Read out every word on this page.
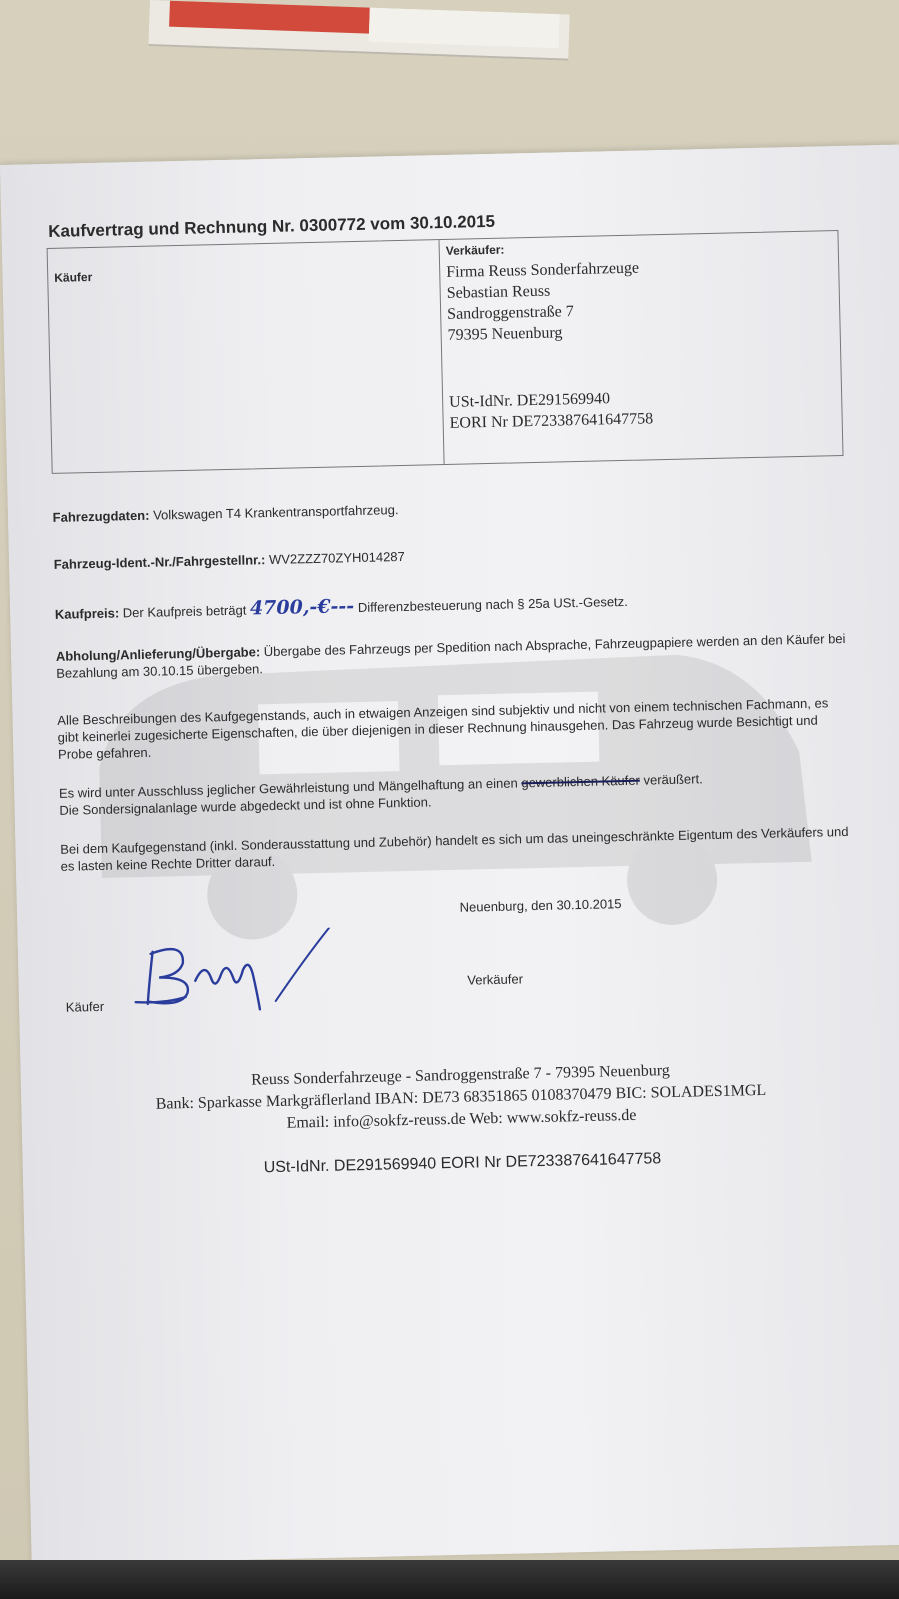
Kaufvertrag und Rechnung Nr. 0300772 vom 30.10.2015
Käufer
Verkäufer:
Firma Reuss Sonderfahrzeuge
Sebastian Reuss
Sandroggenstraße 7
79395 Neuenburg
USt-IdNr. DE291569940
EORI Nr DE723387641647758
Fahrezugdaten: Volkswagen T4 Krankentransportfahrzeug.
Fahrzeug-Ident.-Nr./Fahrgestellnr.: WV2ZZZ70ZYH014287
Kaufpreis: Der Kaufpreis beträgt 4700,-€--- Differenzbesteuerung nach § 25a USt.-Gesetz.
Abholung/Anlieferung/Übergabe: Übergabe des Fahrzeugs per Spedition nach Absprache, Fahrzeugpapiere werden an den Käufer bei Bezahlung am 30.10.15 übergeben.
Alle Beschreibungen des Kaufgegenstands, auch in etwaigen Anzeigen sind subjektiv und nicht von einem technischen Fachmann, es gibt keinerlei zugesicherte Eigenschaften, die über diejenigen in dieser Rechnung hinausgehen. Das Fahrzeug wurde Besichtigt und Probe gefahren.
Es wird unter Ausschluss jeglicher Gewährleistung und Mängelhaftung an einen gewerblichen Käufer veräußert.
Die Sondersignalanlage wurde abgedeckt und ist ohne Funktion.
Bei dem Kaufgegenstand (inkl. Sonderausstattung und Zubehör) handelt es sich um das uneingeschränkte Eigentum des Verkäufers und es lasten keine Rechte Dritter darauf.
Neuenburg, den 30.10.2015
Käufer
Verkäufer
Reuss Sonderfahrzeuge - Sandroggenstraße 7 - 79395 Neuenburg
Bank: Sparkasse Markgräflerland IBAN: DE73 68351865 0108370479 BIC: SOLADES1MGL
Email: info@sokfz-reuss.de Web: www.sokfz-reuss.de
USt-IdNr. DE291569940 EORI Nr DE723387641647758
